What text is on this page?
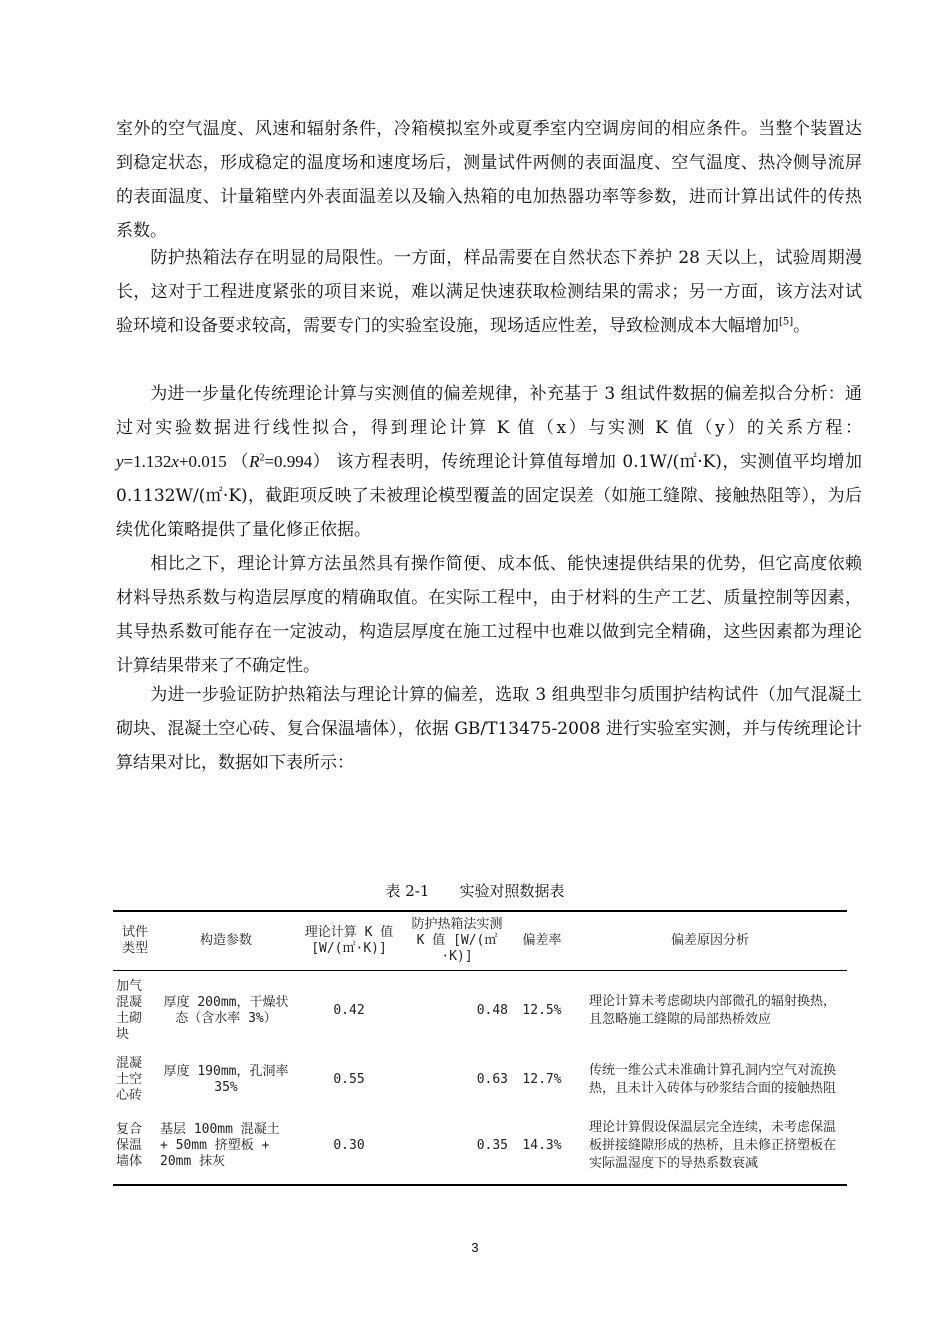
室外的空气温度、风速和辐射条件，冷箱模拟室外或夏季室内空调房间的相应条件。当整个装置达到稳定状态，形成稳定的温度场和速度场后，测量试件两侧的表面温度、空气温度、热冷侧导流屏的表面温度、计量箱壁内外表面温差以及输入热箱的电加热器功率等参数，进而计算出试件的传热系数。

防护热箱法存在明显的局限性。一方面，样品需要在自然状态下养护 28 天以上，试验周期漫长，这对于工程进度紧张的项目来说，难以满足快速获取检测结果的需求；另一方面，该方法对试验环境和设备要求较高，需要专门的实验室设施，现场适应性差，导致检测成本大幅增加[5]。

为进一步量化传统理论计算与实测值的偏差规律，补充基于 3 组试件数据的偏差拟合分析：通过对实验数据进行线性拟合，得到理论计算 K 值（x）与实测 K 值（y）的关系方程： y=1.132x+0.015 $(R^2=0.994)$ 该方程表明，传统理论计算值每增加 0.1W/(㎡·K)，实测值平均增加 0.1132W/(㎡·K)，截距项反映了未被理论模型覆盖的固定误差（如施工缝隙、接触热阻等），为后续优化策略提供了量化修正依据。

相比之下，理论计算方法虽然具有操作简便、成本低、能快速提供结果的优势，但它高度依赖材料导热系数与构造层厚度的精确取值。在实际工程中，由于材料的生产工艺、质量控制等因素，其导热系数可能存在一定波动，构造层厚度在施工过程中也难以做到完全精确，这些因素都为理论计算结果带来了不确定性。

为进一步验证防护热箱法与理论计算的偏差，选取 3 组典型非匀质围护结构试件（加气混凝土砌块、混凝土空心砖、复合保温墙体），依据 GB/T13475-2008 进行实验室实测，并与传统理论计算结果对比，数据如下表所示：

表 2-1 实验对照数据表
试件类型	构造参数	理论计算 K 值 [W/(㎡·K)]	防护热箱法实测 K 值 [W/(㎡·K)]	偏差率	偏差原因分析
加气混凝土砌块	厚度 200mm，干燥状态（含水率 3%）	0.42	0.48	12.5%	理论计算未考虑砌块内部微孔的辐射换热，且忽略施工缝隙的局部热桥效应
混凝土空心砖	厚度 190mm，孔洞率 35%	0.55	0.63	12.7%	传统一维公式未准确计算孔洞内空气对流换热，且未计入砖体与砂浆结合面的接触热阻
复合保温墙体	基层 100mm 混凝土 + 50mm 挤塑板 + 20mm 抹灰	0.30	0.35	14.3%	理论计算假设保温层完全连续，未考虑保温板拼接缝隙形成的热桥，且未修正挤塑板在实际温湿度下的导热系数衰减
3
